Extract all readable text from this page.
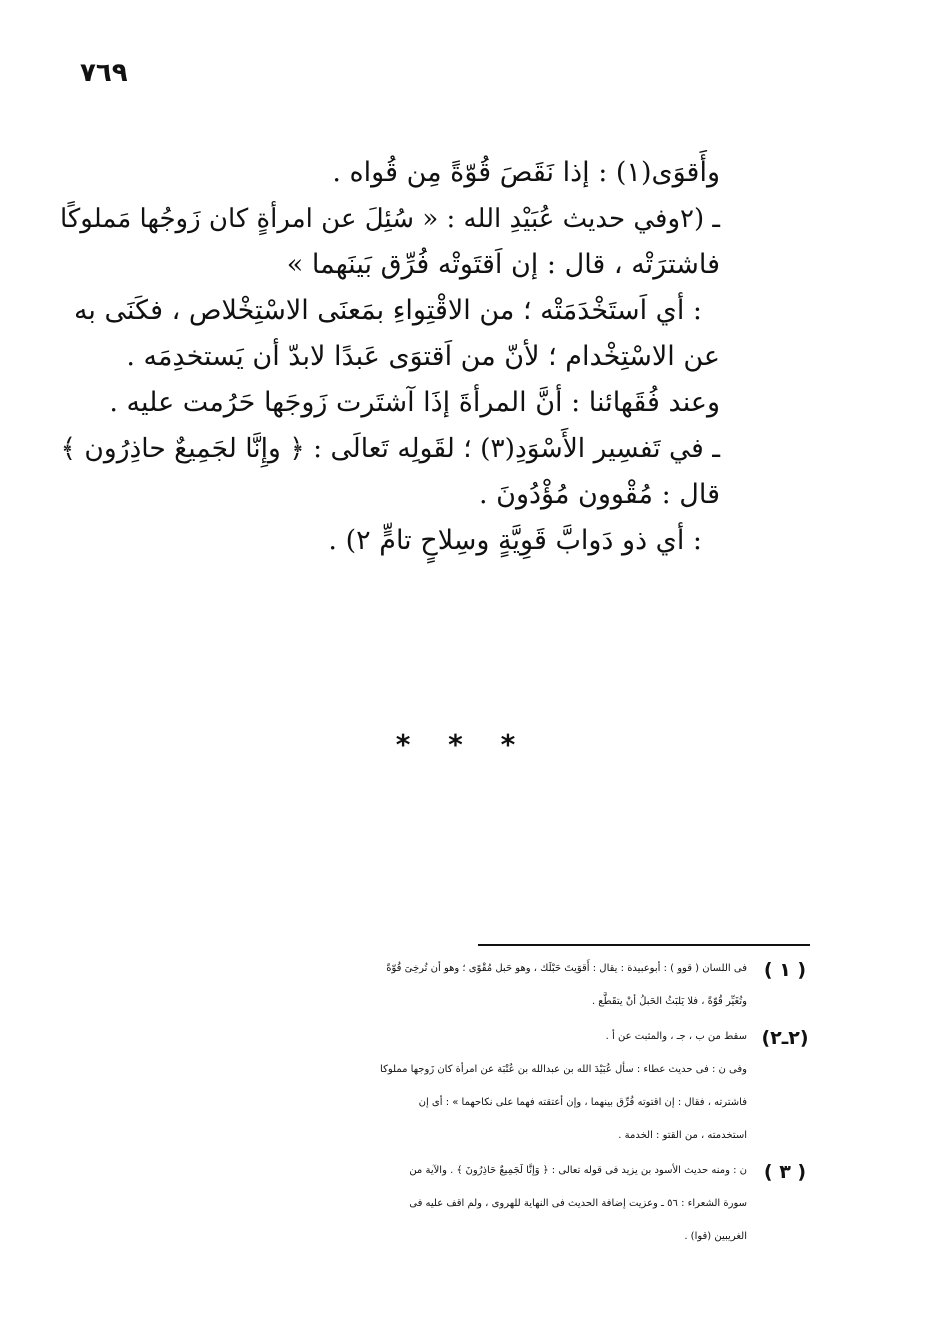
٧٦٩
وأَقوَى(١) : إذا نَقَصَ قُوّةً مِن قُواه .
ـ (٢وفي حديث عُبَيْدِ الله : « سُئِلَ عن امرأةٍ كان زَوجُها مَملوكًا
فاشترَتْه ، قال : إن اَقتَوتْه فُرِّق بَينَهما »
: أي اَستَخْدَمَتْه ؛ من الاقْتِواءِ بمَعنَى الاسْتِخْلاص ، فكَنَى به
عن الاسْتِخْدام ؛ لأنّ من اَقتوَى عَبدًا لابدّ أن يَستخدِمَه .
وعند فُقَهائنا : أنَّ المرأةَ إذَا آشتَرت زَوجَها حَرُمت عليه .
ـ في تَفسِير الأَسْوَدِ(٣) ؛ لقَولِه تَعالَى : ﴿ وإِنَّا لجَمِيعٌ حاذِرُون ﴾
قال : مُقْوون مُؤْدُونَ .
: أي ذو دَوابَّ قَوِيَّةٍ وسِلاحٍ تامٍّ ٢) .
* * *
( ١ )
فى اللسان ( قوو ) : أبوعبيدة : يقال : أَقوَيتَ حَبْلَك ، وهو حَبل مُقْوًى ؛ وهو أن تُرخِىَ قُوّةً
وتُغَيِّر قُوّةً ، فلا يَلبَثُ الحَبلُ أنْ يتقَطَّع .
(٢ـ٢)
سقط من ب ، جـ ، والمثبت عن أ .
وفى ن : فى حديث عطاء : سأل عُبَيْدَ الله بن عبدالله بن عُتْبَة عن امرأة كان زَوجها مملوكا
فاشترته ، فقال : إن اقتوته فُرِّق بينهما ، وإن أعتقته فهما على نكاحهما » : أى إن
استخدمته ، من القتو : الخدمة .
( ٣ )
ن : ومنه حديث الأسود بن يزيد فى قوله تعالى : ﴿ وَإنَّا لَجَمِيعٌ حَاذِرُونَ ﴾ . والآية من
سورة الشعراء : ٥٦ ـ وعزيت إضافة الحديث فى النهاية للهروى ، ولم اقف عليه فى
الغريبين (قوا) .
